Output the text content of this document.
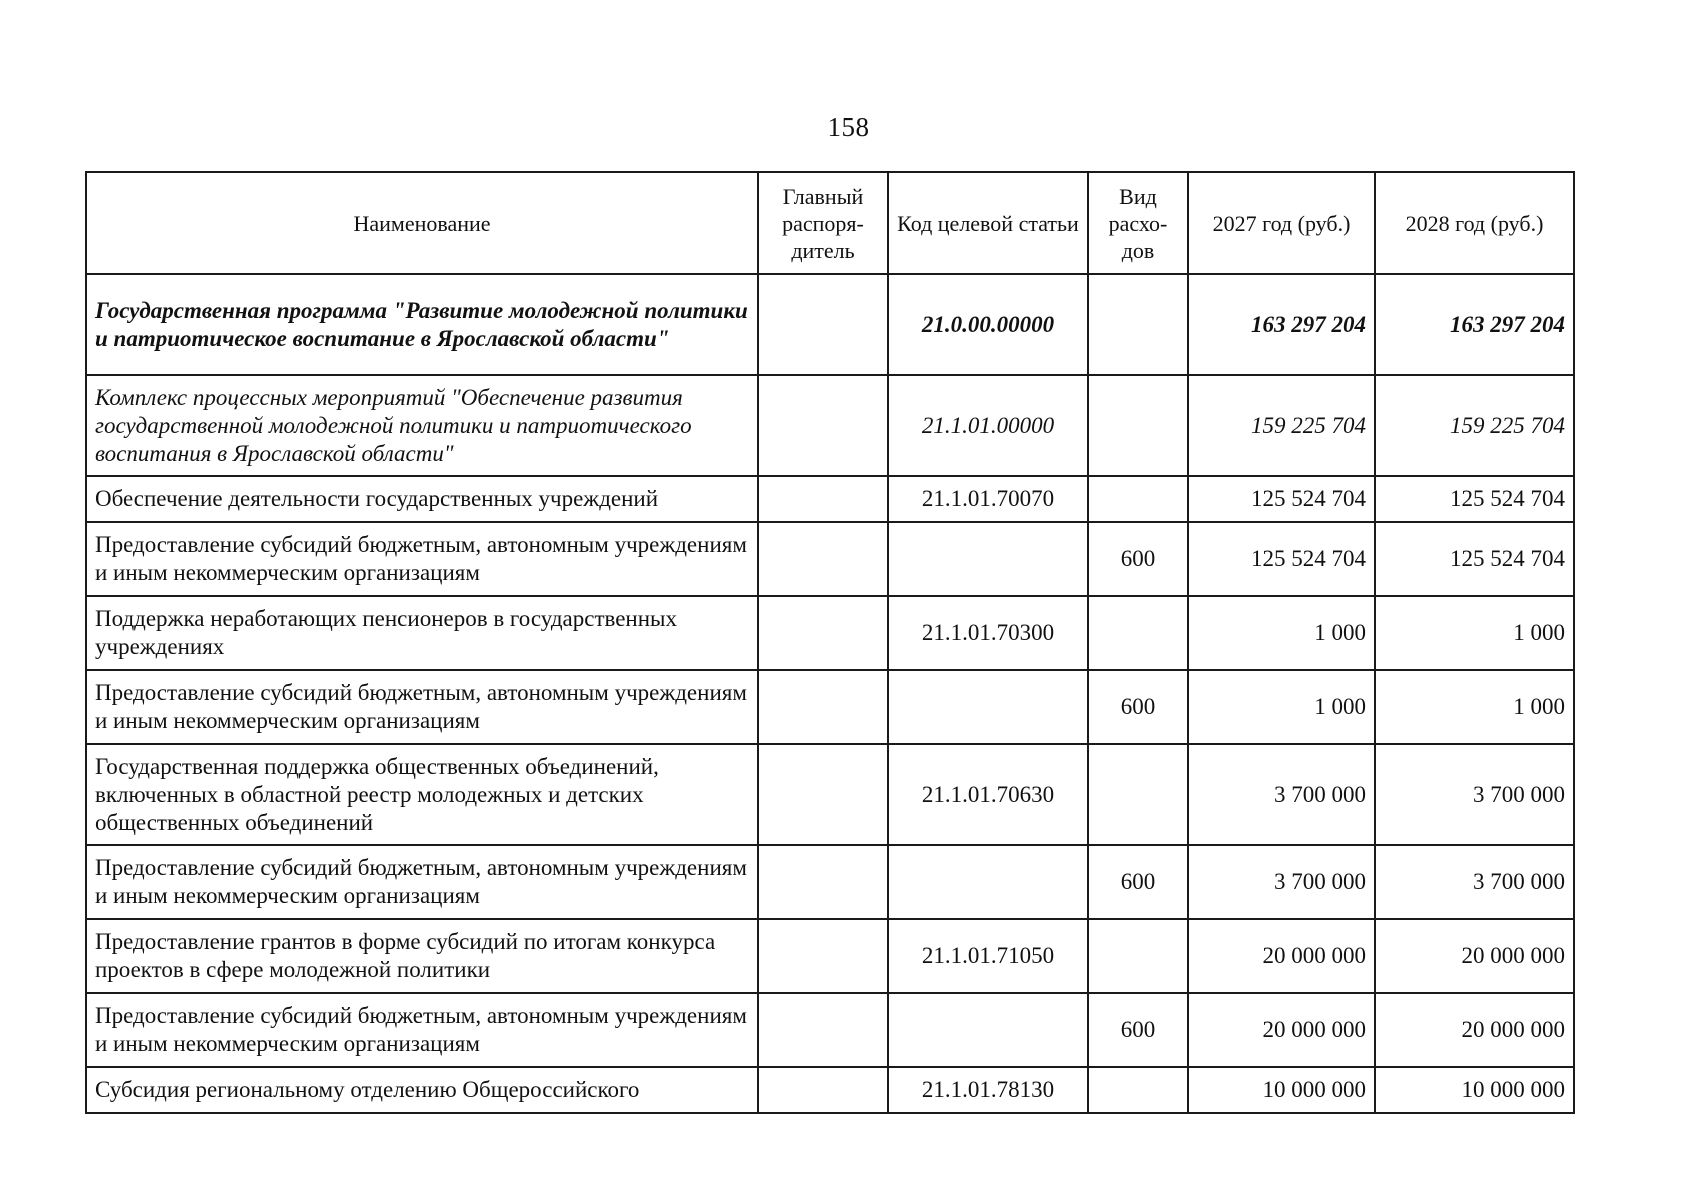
158
Наименование	Главный распоря-дитель	Код целевой статьи	Вид расхо-дов	2027 год (руб.)	2028 год (руб.)
Государственная программа "Развитие молодежной политики и патриотическое воспитание в Ярославской области"		21.0.00.00000		163 297 204	163 297 204
Комплекс процессных мероприятий "Обеспечение развития государственной молодежной политики и патриотического воспитания в Ярославской области"		21.1.01.00000		159 225 704	159 225 704
Обеспечение деятельности государственных учреждений		21.1.01.70070		125 524 704	125 524 704
Предоставление субсидий бюджетным, автономным учреждениям и иным некоммерческим организациям			600	125 524 704	125 524 704
Поддержка неработающих пенсионеров в государственных учреждениях		21.1.01.70300		1 000	1 000
Предоставление субсидий бюджетным, автономным учреждениям и иным некоммерческим организациям			600	1 000	1 000
Государственная поддержка общественных объединений, включенных в областной реестр молодежных и детских общественных объединений		21.1.01.70630		3 700 000	3 700 000
Предоставление субсидий бюджетным, автономным учреждениям и иным некоммерческим организациям			600	3 700 000	3 700 000
Предоставление грантов в форме субсидий по итогам конкурса проектов в сфере молодежной политики		21.1.01.71050		20 000 000	20 000 000
Предоставление субсидий бюджетным, автономным учреждениям и иным некоммерческим организациям			600	20 000 000	20 000 000
Субсидия региональному отделению Общероссийского		21.1.01.78130		10 000 000	10 000 000
